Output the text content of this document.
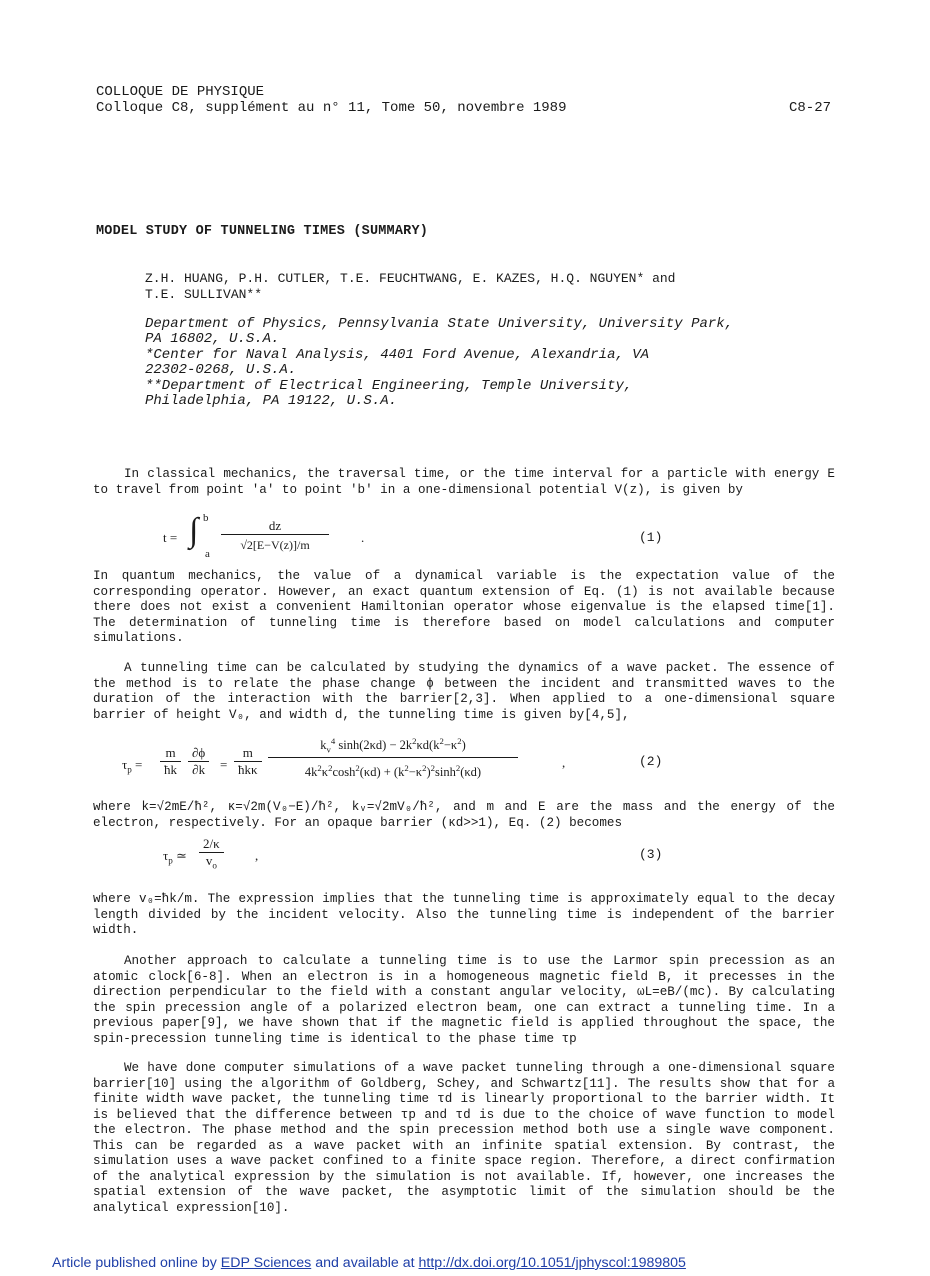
COLLOQUE DE PHYSIQUE
Colloque C8, supplément au n° 11, Tome 50, novembre 1989	C8-27
MODEL STUDY OF TUNNELING TIMES (SUMMARY)
Z.H. HUANG, P.H. CUTLER, T.E. FEUCHTWANG, E. KAZES, H.Q. NGUYEN* and
T.E. SULLIVAN**
Department of Physics, Pennsylvania State University, University Park,
PA 16802, U.S.A.
*Center for Naval Analysis, 4401 Ford Avenue, Alexandria, VA
22302-0268, U.S.A.
**Department of Electrical Engineering, Temple University,
Philadelphia, PA 19122, U.S.A.

In classical mechanics, the traversal time, or the time interval for a particle with energy E to travel from point 'a' to point 'b' in a one-dimensional potential V(z), is given by

t = ∫ b
a
dz
√2[E−V(z)]/m	.	(1)

In quantum mechanics, the value of a dynamical variable is the expectation value of the corresponding operator. However, an exact quantum extension of Eq. (1) is not available because there does not exist a convenient Hamiltonian operator whose eigenvalue is the elapsed time[1]. The determination of tunneling time is therefore based on model calculations and computer simulations.

A tunneling time can be calculated by studying the dynamics of a wave packet. The essence of the method is to relate the phase change ϕ between the incident and transmitted waves to the duration of the interaction with the barrier[2,3]. When applied to a one-dimensional square barrier of height V₀, and width d, the tunneling time is given by[4,5],

$\tau_p = \frac{m}{ħk} \frac{\partial\phi}{\partial k}$ =
m
ħkκ
$k_v^4$ $\sinh(2\kappa d) - 2k^2\kappa d(k^2-\kappa^2)$
$4k^2\kappa^2\cosh^2(\kappa d) + (k^2-\kappa^2)^2\sinh^2(\kappa d)$
,	(2)

where k=√2mE/ħ², κ=√2m(V₀−E)/ħ², kᵥ=√2mV₀/ħ², and m and E are the mass and the energy of the electron, respectively. For an opaque barrier (κd>>1), Eq. (2) becomes

$\tau_p$ ≃ $\frac{2/\kappa}{v_o}$ ,	(3)

where v₀=ħk/m. The expression implies that the tunneling time is approximately equal to the decay length divided by the incident velocity. Also the tunneling time is independent of the barrier width.

Another approach to calculate a tunneling time is to use the Larmor spin precession as an atomic clock[6-8]. When an electron is in a homogeneous magnetic field B, it precesses in the direction perpendicular to the field with a constant angular velocity, ωL=eB/(mc). By calculating the spin precession angle of a polarized electron beam, one can extract a tunneling time. In a previous paper[9], we have shown that if the magnetic field is applied throughout the space, the spin-precession tunneling time is identical to the phase time τp

We have done computer simulations of a wave packet tunneling through a one-dimensional square barrier[10] using the algorithm of Goldberg, Schey, and Schwartz[11]. The results show that for a finite width wave packet, the tunneling time τd is linearly proportional to the barrier width. It is believed that the difference between τp and τd is due to the choice of wave function to model the electron. The phase method and the spin precession method both use a single wave component. This can be regarded as a wave packet with an infinite spatial extension. By contrast, the simulation uses a wave packet confined to a finite space region. Therefore, a direct confirmation of the analytical expression by the simulation is not available. If, however, one increases the spatial extension of the wave packet, the asymptotic limit of the simulation should be the analytical expression[10].

Article published online by EDP Sciences and available at http://dx.doi.org/10.1051/jphyscol:1989805
